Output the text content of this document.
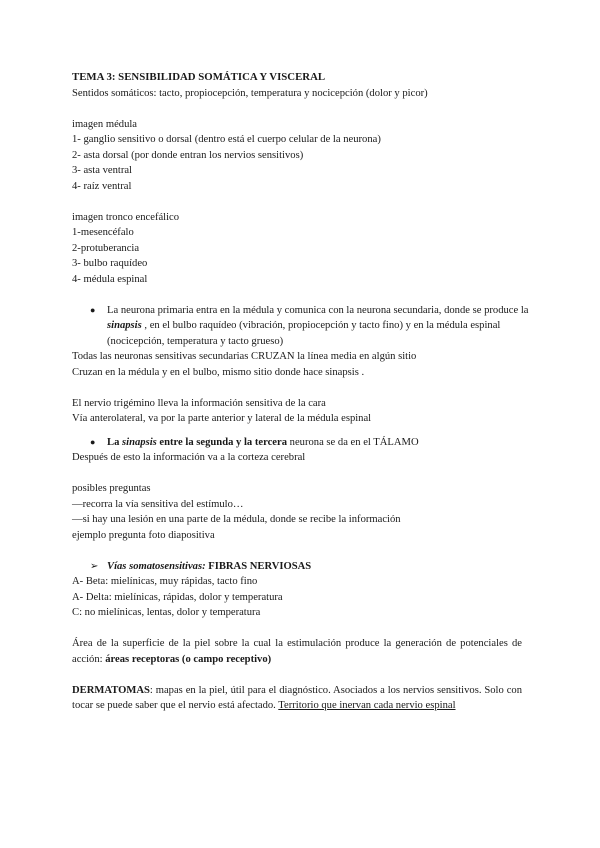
TEMA 3: SENSIBILIDAD SOMÁTICA Y VISCERAL
Sentidos somáticos: tacto, propiocepción, temperatura y nocicepción (dolor y picor)
imagen médula
1- ganglio sensitivo o dorsal (dentro está el cuerpo celular de la neurona)
2- asta dorsal (por donde entran los nervios sensitivos)
3- asta ventral
4- raíz ventral
imagen tronco encefálico
1-mesencéfalo
2-protuberancia
3- bulbo raquídeo
4- médula espinal
● La neurona primaria entra en la médula y comunica con la neurona secundaria, donde se produce la sinapsis , en el bulbo raquídeo (vibración, propiocepción y tacto fino) y en la médula espinal (nocicepción, temperatura y tacto grueso)
Todas las neuronas sensitivas secundarias CRUZAN la línea media en algún sitio
Cruzan en la médula y en el bulbo, mismo sitio donde hace sinapsis .
El nervio trigémino lleva la información sensitiva de la cara
Vía anterolateral, va por la parte anterior y lateral de la médula espinal
● La sinapsis entre la segunda y la tercera neurona se da en el TÁLAMO
Después de esto la información va a la corteza cerebral
posibles preguntas
—recorra la vía sensitiva del estímulo…
—si hay una lesión en una parte de la médula, donde se recibe la información
ejemplo pregunta foto diapositiva
➢ Vías somatosensitivas: FIBRAS NERVIOSAS
A- Beta: mielínicas, muy rápidas, tacto fino
A- Delta: mielínicas, rápidas, dolor y temperatura
C: no mielínicas, lentas, dolor y temperatura
Área de la superficie de la piel sobre la cual la estimulación produce la generación de potenciales de acción: áreas receptoras (o campo receptivo)
DERMATOMAS: mapas en la piel, útil para el diagnóstico. Asociados a los nervios sensitivos. Solo con tocar se puede saber que el nervio está afectado. Territorio que inervan cada nervio espinal
